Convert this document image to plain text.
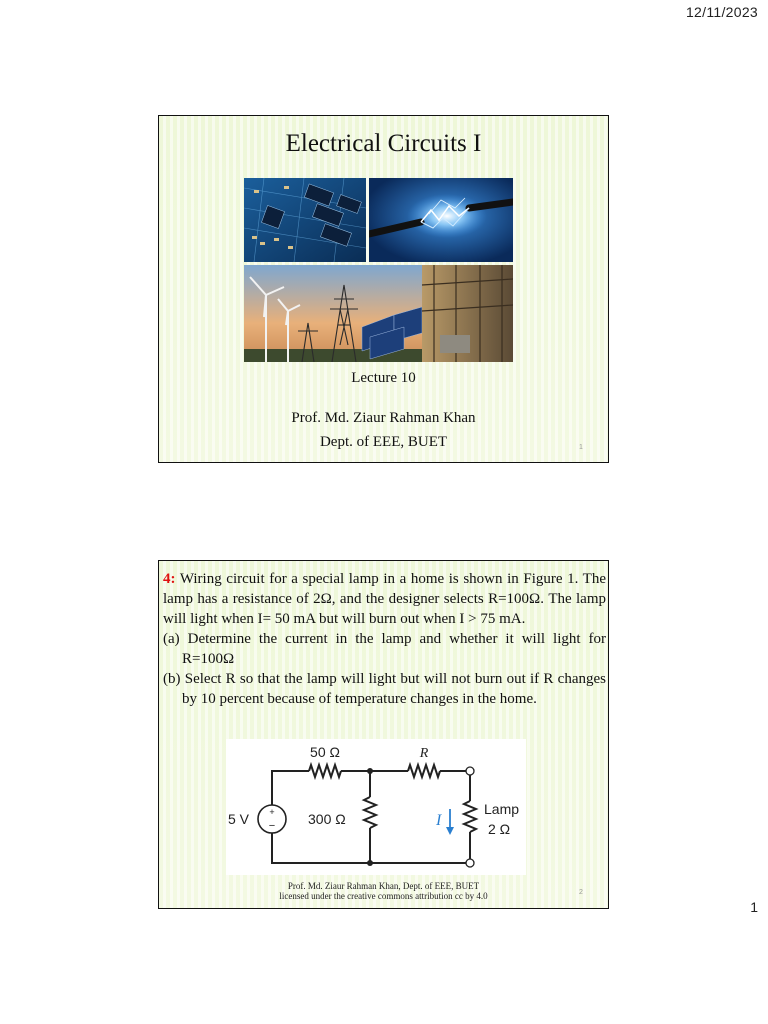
12/11/2023
Electrical Circuits I
Lecture 10
Prof. Md. Ziaur Rahman Khan
Dept. of EEE, BUET	1

4: Wiring circuit for a special lamp in a home is shown in Figure 1. The lamp has a resistance of 2Ω, and the designer selects R=100Ω. The lamp will light when I= 50 mA but will burn out when I > 75 mA.

(a) Determine the current in the lamp and whether it will light for R=100Ω

(b) Select R so that the lamp will light but will not burn out if R changes by 10 percent because of temperature changes in the home.

+
−
50 Ω	R
5 V	300 Ω	I
Lamp
2 Ω
Prof. Md. Ziaur Rahman Khan, Dept. of EEE, BUET
licensed under the creative commons attribution cc by 4.0	2
1
